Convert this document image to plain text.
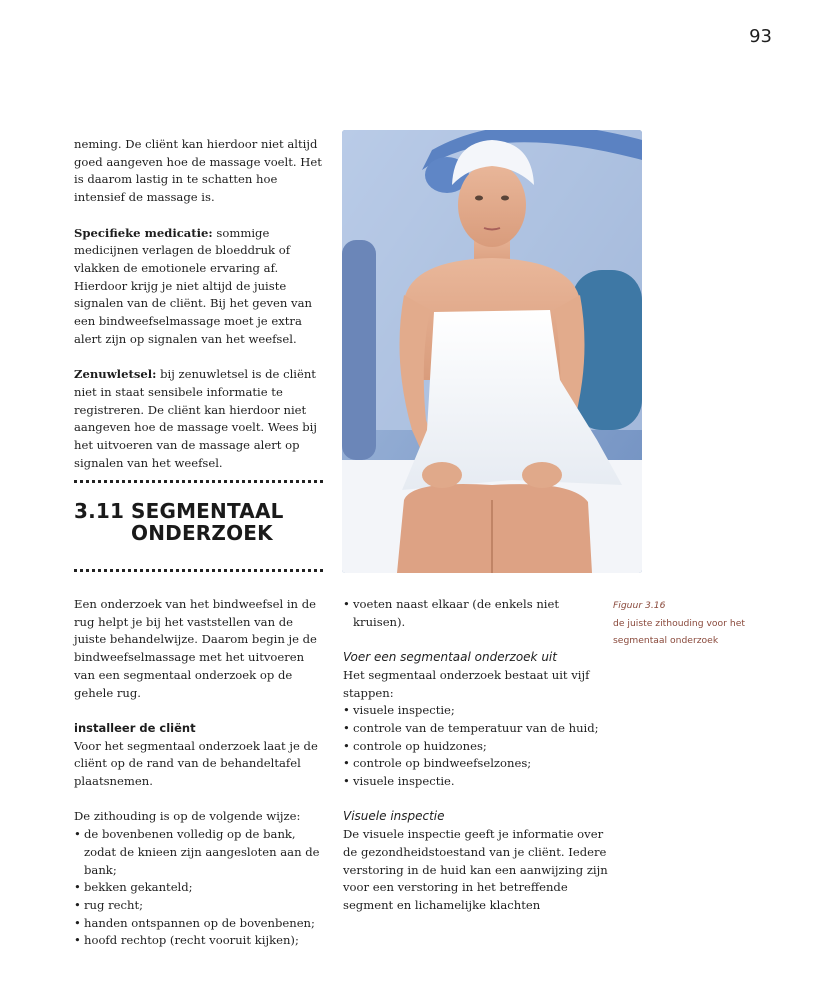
93

neming. De cliënt kan hierdoor niet altijd goed aangeven hoe de massage voelt. Het is daarom lastig in te schatten hoe intensief de massage is.

Specifieke medicatie: sommige medicijnen verlagen de bloeddruk of vlakken de emotionele ervaring af. Hierdoor krijg je niet altijd de juiste signalen van de cliënt. Bij het geven van een bindweefselmassage moet je extra alert zijn op signalen van het weefsel.

Zenuwletsel: bij zenuwletsel is de cliënt niet in staat sensibele informatie te registreren. De cliënt kan hierdoor niet aangeven hoe de massage voelt. Wees bij het uitvoeren van de massage alert op signalen van het weefsel.

3.11 SEGMENTAAL
ONDERZOEK

Een onderzoek van het bindweefsel in de rug helpt je bij het vaststellen van de juiste behandelwijze. Daarom begin je de bindweefselmassage met het uitvoeren van een segmentaal onderzoek op de gehele rug.

installeer de cliënt

Voor het segmentaal onderzoek laat je de cliënt op de rand van de behandeltafel plaatsnemen.

De zithouding is op de volgende wijze:

• de bovenbenen volledig op de bank, zodat de knieen zijn aangesloten aan de bank;
• bekken gekanteld;
• rug recht;
• handen ontspannen op de bovenbenen;
• hoofd rechtop (recht vooruit kijken);
• voeten naast elkaar (de enkels niet kruisen).
Voer een segmentaal onderzoek uit

Het segmentaal onderzoek bestaat uit vijf stappen:

• visuele inspectie;
• controle van de temperatuur van de huid;
• controle op huidzones;
• controle op bindweefselzones;
• visuele inspectie.
Visuele inspectie

De visuele inspectie geeft je informatie over de gezondheidstoestand van je cliënt. Iedere verstoring in de huid kan een aanwijzing zijn voor een verstoring in het betreffende segment en lichamelijke klachten

Figuur 3.16
de juiste zithouding voor het segmentaal onderzoek
